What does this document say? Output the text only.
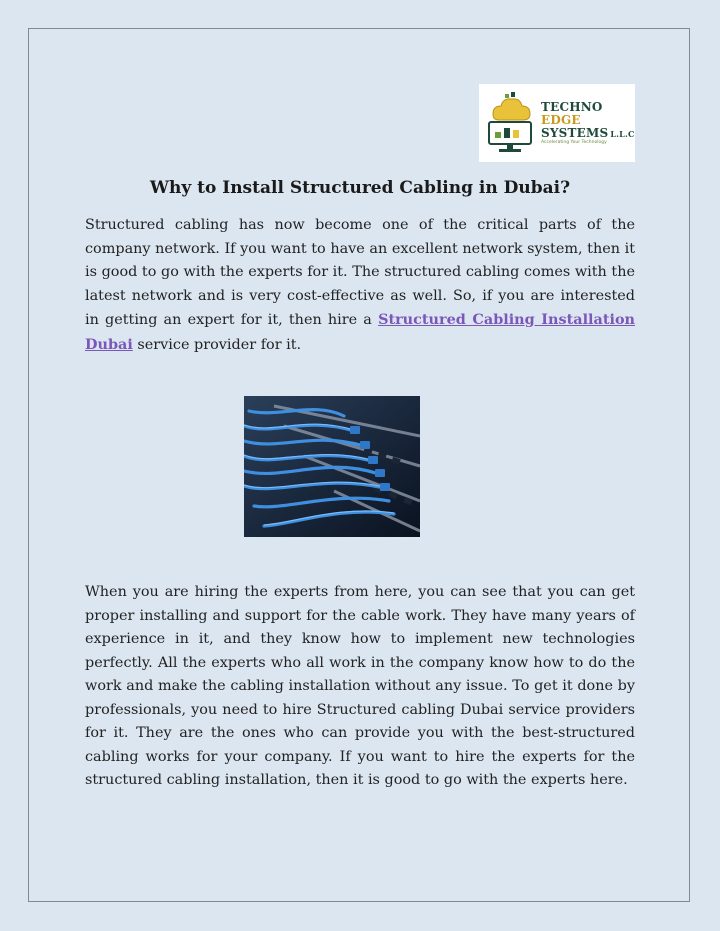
TECHNO
EDGE
SYSTEMS L.L.C
Accelerating Your Technology
Why to Install Structured Cabling in Dubai?

Structured cabling has now become one of the critical parts of the company network. If you want to have an excellent network system, then it is good to go with the experts for it. The structured cabling comes with the latest network and is very cost-effective as well. So, if you are interested in getting an expert for it, then hire a Structured Cabling Installation Dubai service provider for it.

When you are hiring the experts from here, you can see that you can get proper installing and support for the cable work. They have many years of experience in it, and they know how to implement new technologies perfectly. All the experts who all work in the company know how to do the work and make the cabling installation without any issue. To get it done by professionals, you need to hire Structured cabling Dubai service providers for it. They are the ones who can provide you with the best-structured cabling works for your company. If you want to hire the experts for the structured cabling installation, then it is good to go with the experts here.
